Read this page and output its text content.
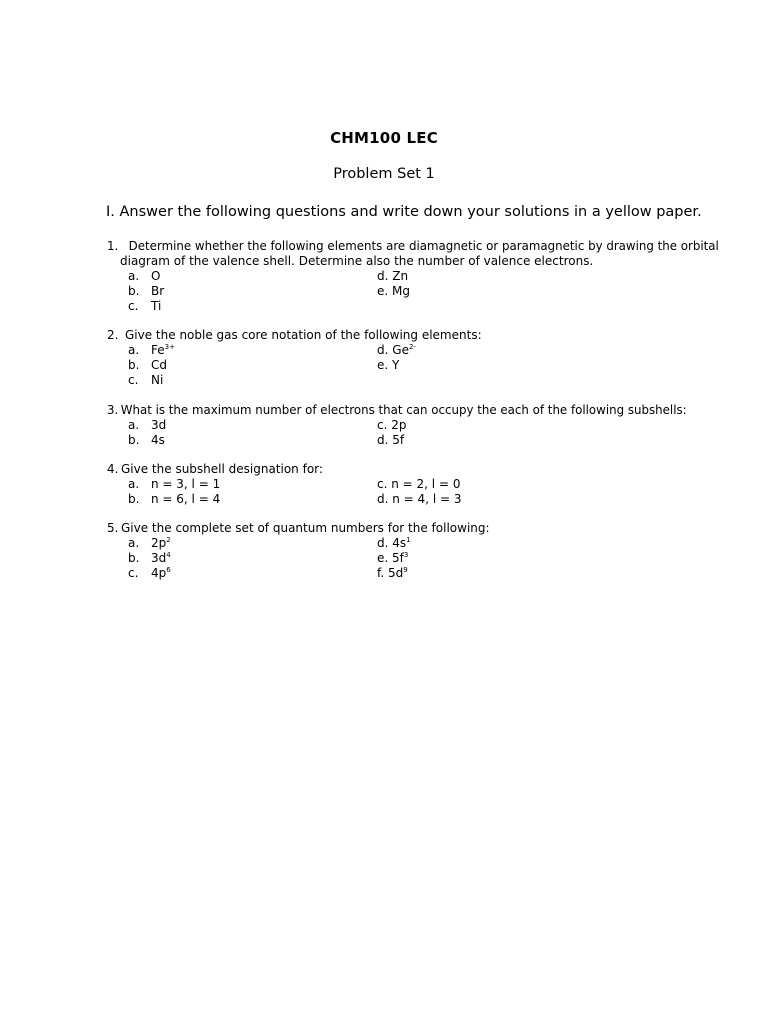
CHM100 LEC
Problem Set 1
I. Answer the following questions and write down your solutions in a yellow paper.
1. Determine whether the following elements are diamagnetic or paramagnetic by drawing the orbital
diagram of the valence shell. Determine also the number of valence electrons.
a. O	d. Zn
b. Br	e. Mg
c. Ti
2. Give the noble gas core notation of the following elements:
a. $Fe^{3+}$	d. $Ge^{2-}$
b. Cd	e. Y
c. Ni
3. What is the maximum number of electrons that can occupy the each of the following subshells:
a. 3d	c. 2p
b. 4s	d. 5f
4. Give the subshell designation for:
a. n = 3, l = 1	c. n = 2, l = 0
b. n = 6, l = 4	d. n = 4, l = 3
5. Give the complete set of quantum numbers for the following:
a. $2p^2$	d. $4s^1$
b. $3d^4$	e. $5f^3$
c. $4p^6$	f. $5d^9$
